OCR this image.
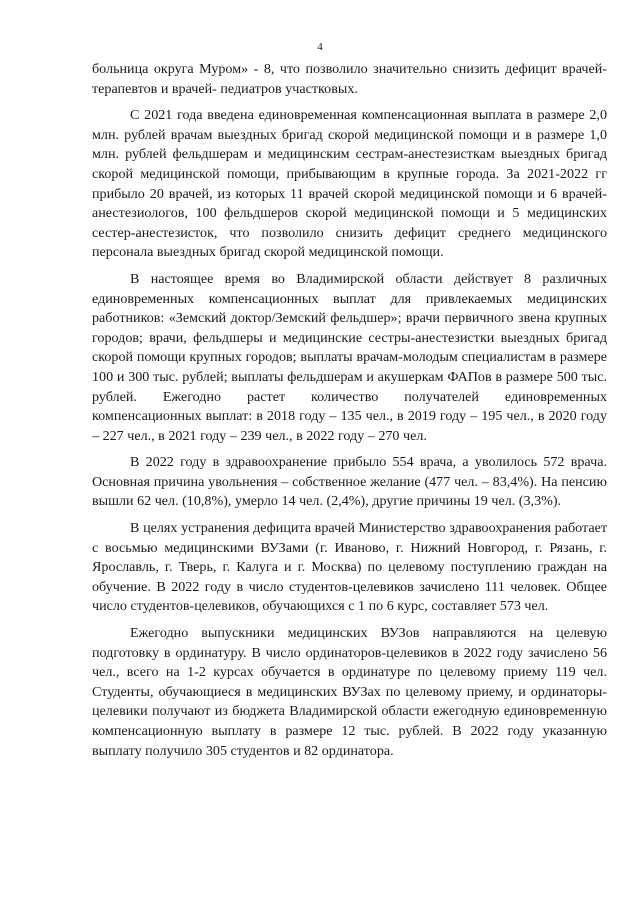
4

больница округа Муром» - 8, что позволило значительно снизить дефицит врачей-терапевтов и врачей- педиатров участковых.

С 2021 года введена единовременная компенсационная выплата в размере 2,0 млн. рублей врачам выездных бригад скорой медицинской помощи и в размере 1,0 млн. рублей фельдшерам и медицинским сестрам-анестезисткам выездных бригад скорой медицинской помощи, прибывающим в крупные города. За 2021-2022 гг прибыло 20 врачей, из которых 11 врачей скорой медицинской помощи и 6 врачей-анестезиологов, 100 фельдшеров скорой медицинской помощи и 5 медицинских сестер-анестезисток, что позволило снизить дефицит среднего медицинского персонала выездных бригад скорой медицинской помощи.

В настоящее время во Владимирской области действует 8 различных единовременных компенсационных выплат для привлекаемых медицинских работников: «Земский доктор/Земский фельдшер»; врачи первичного звена крупных городов; врачи, фельдшеры и медицинские сестры-анестезистки выездных бригад скорой помощи крупных городов; выплаты врачам-молодым специалистам в размере 100 и 300 тыс. рублей; выплаты фельдшерам и акушеркам ФАПов в размере 500 тыс. рублей. Ежегодно растет количество получателей единовременных компенсационных выплат: в 2018 году – 135 чел., в 2019 году – 195 чел., в 2020 году – 227 чел., в 2021 году – 239 чел., в 2022 году – 270 чел.

В 2022 году в здравоохранение прибыло 554 врача, а уволилось 572 врача. Основная причина увольнения – собственное желание (477 чел. – 83,4%). На пенсию вышли 62 чел. (10,8%), умерло 14 чел. (2,4%), другие причины 19 чел. (3,3%).

В целях устранения дефицита врачей Министерство здравоохранения работает с восьмью медицинскими ВУЗами (г. Иваново, г. Нижний Новгород, г. Рязань, г. Ярославль, г. Тверь, г. Калуга и г. Москва) по целевому поступлению граждан на обучение. В 2022 году в число студентов-целевиков зачислено 111 человек. Общее число студентов-целевиков, обучающихся с 1 по 6 курс, составляет 573 чел.

Ежегодно выпускники медицинских ВУЗов направляются на целевую подготовку в ординатуру. В число ординаторов-целевиков в 2022 году зачислено 56 чел., всего на 1-2 курсах обучается в ординатуре по целевому приему 119 чел. Студенты, обучающиеся в медицинских ВУЗах по целевому приему, и ординаторы-целевики получают из бюджета Владимирской области ежегодную единовременную компенсационную выплату в размере 12 тыс. рублей. В 2022 году указанную выплату получило 305 студентов и 82 ординатора.
